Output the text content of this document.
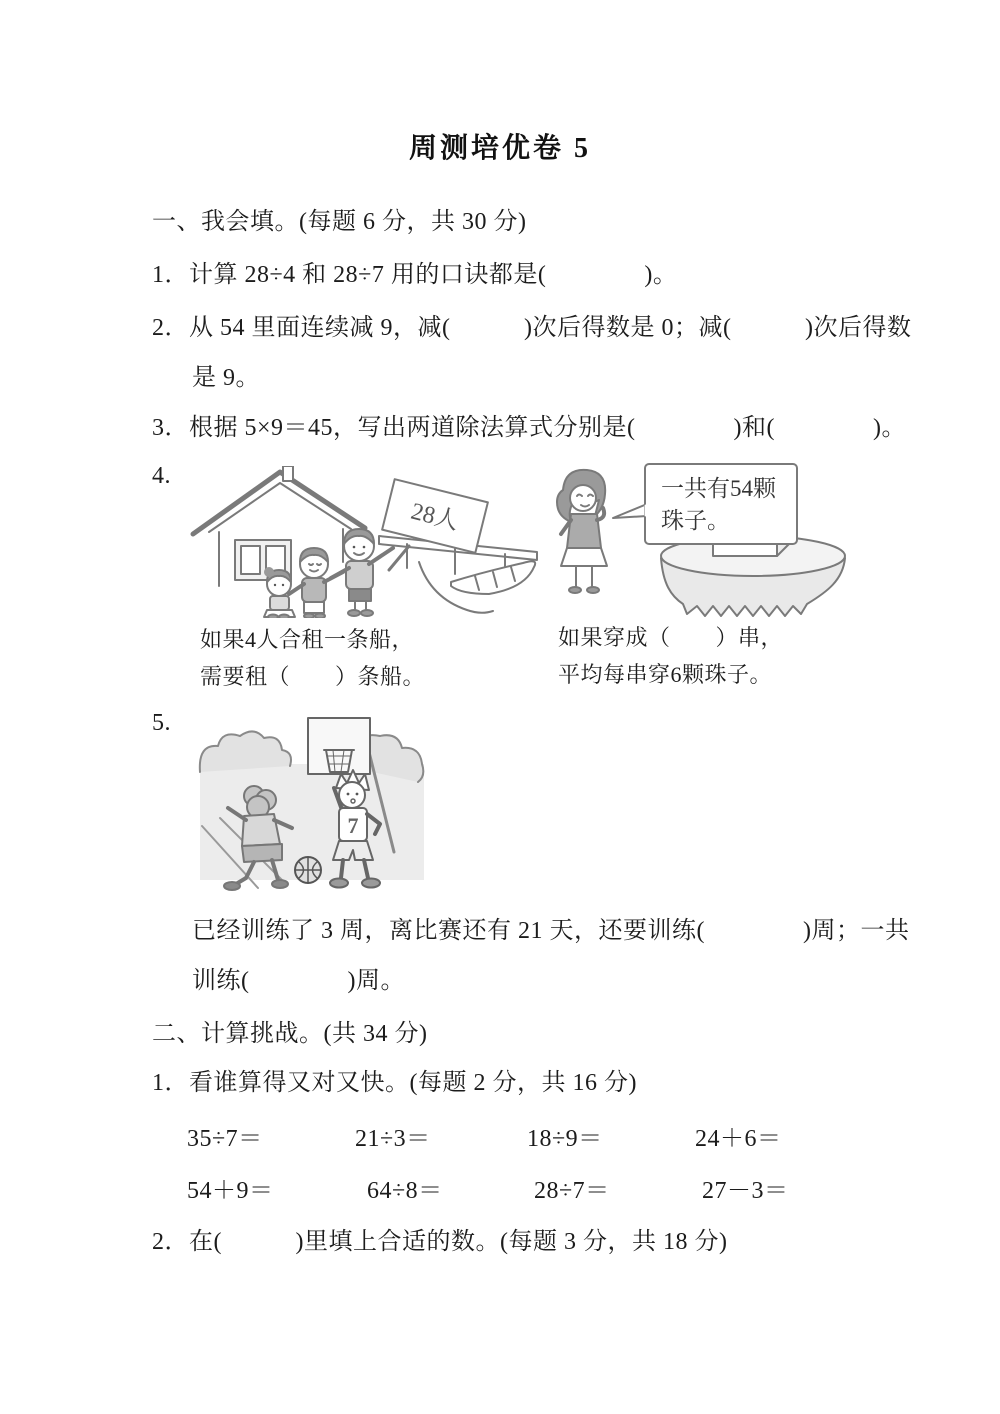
周测培优卷 5
一、我会填。(每题 6 分，共 30 分)
1．计算 28÷4 和 28÷7 用的口诀都是(　　　　)。
2．从 54 里面连续减 9，减(　　　)次后得数是 0；减(　　　)次后得数
是 9。
3．根据 5×9＝45，写出两道除法算式分别是(　　　　)和(　　　　)。
4.
28人
一共有54颗
珠子。
如果4人合租一条船，
需要租（　　）条船。
如果穿成（　　）串，
平均每串穿6颗珠子。
5.
7
已经训练了 3 周，离比赛还有 21 天，还要训练(　　　　)周；一共
训练(　　　　)周。
二、计算挑战。(共 34 分)
1．看谁算得又对又快。(每题 2 分，共 16 分)
35÷7＝	21÷3＝	18÷9＝	24＋6＝
54＋9＝	64÷8＝	28÷7＝	27－3＝
2．在(　　　)里填上合适的数。(每题 3 分，共 18 分)
